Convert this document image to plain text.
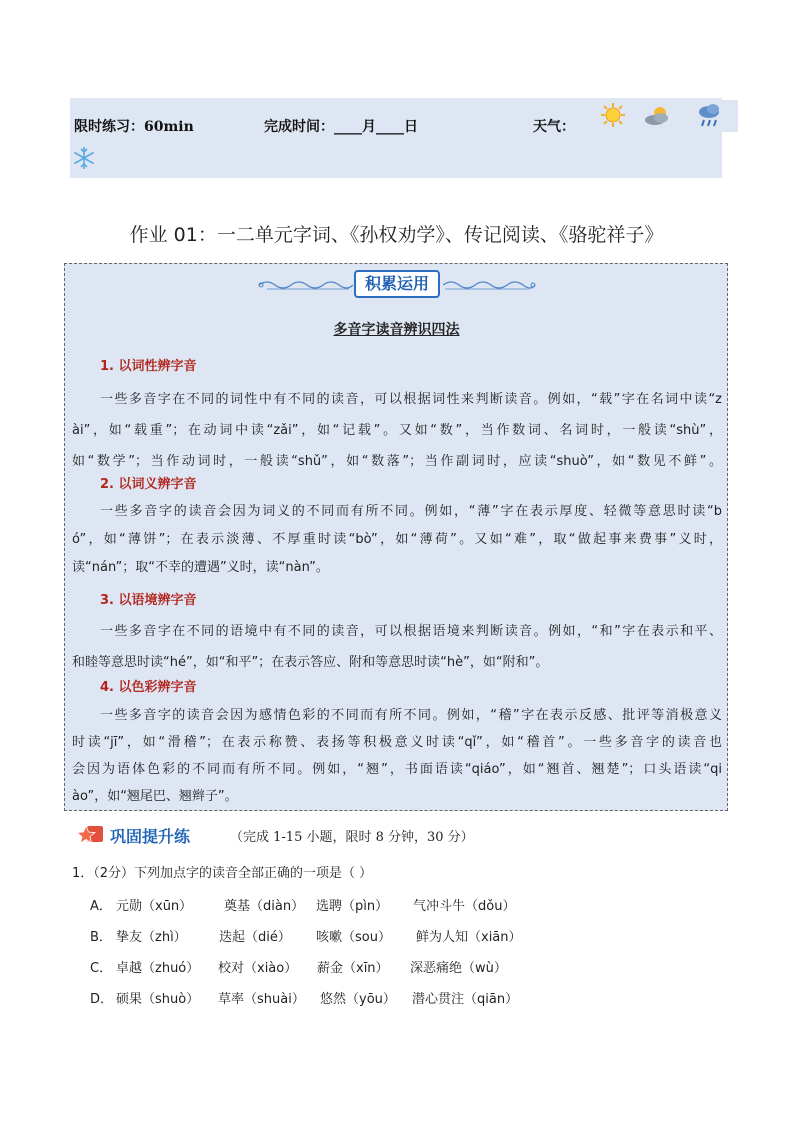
限时练习：60min	完成时间：____月____日	天气：
作业 01：一二单元字词、《孙权劝学》、传记阅读、《骆驼祥子》
积累运用
多音字读音辨识四法
1. 以词性辨字音
一些多音字在不同的词性中有不同的读音，可以根据词性来判断读音。例如，“载”字在名词中读“z
ài”，如“载重”；在动词中读“zǎi”，如“记载”。又如“数”，当作数词、名词时，一般读“shù”，
如“数学”；当作动词时，一般读“shǔ”，如“数落”；当作副词时，应读“shuò”，如“数见不鲜”。
2. 以词义辨字音
一些多音字的读音会因为词义的不同而有所不同。例如，“薄”字在表示厚度、轻微等意思时读“b
ó”，如“薄饼”；在表示淡薄、不厚重时读“bò”，如“薄荷”。又如“难”，取“做起事来费事”义时，
读“nán”；取“不幸的遭遇”义时，读“nàn”。
3. 以语境辨字音
一些多音字在不同的语境中有不同的读音，可以根据语境来判断读音。例如，“和”字在表示和平、
和睦等意思时读“hé”，如“和平”；在表示答应、附和等意思时读“hè”，如“附和”。
4. 以色彩辨字音
一些多音字的读音会因为感情色彩的不同而有所不同。例如，“稽”字在表示反感、批评等消极意义
时读“jī”，如“滑稽”；在表示称赞、表扬等积极意义时读“qǐ”，如“稽首”。一些多音字的读音也
会因为语体色彩的不同而有所不同。例如，“翘”，书面语读“qiáo”，如“翘首、翘楚”；口头语读“qi
ào”，如“翘尾巴、翘辫子”。
巩固提升练	（完成 1-15 小题，限时 8 分钟，30 分）
1．（2分）下列加点字的读音全部正确的一项是（ ）
A． 元勋（xūn） 奠基（diàn） 选聘（pìn） 气冲斗牛（dǒu）
B． 挚友（zhì） 迭起（dié） 咳嗽（sou） 鲜为人知（xiān）
C． 卓越（zhuó） 校对（xiào） 薪金（xīn） 深恶痛绝（wù）
D． 硕果（shuò） 草率（shuài） 悠然（yōu） 潜心贯注（qiān）
